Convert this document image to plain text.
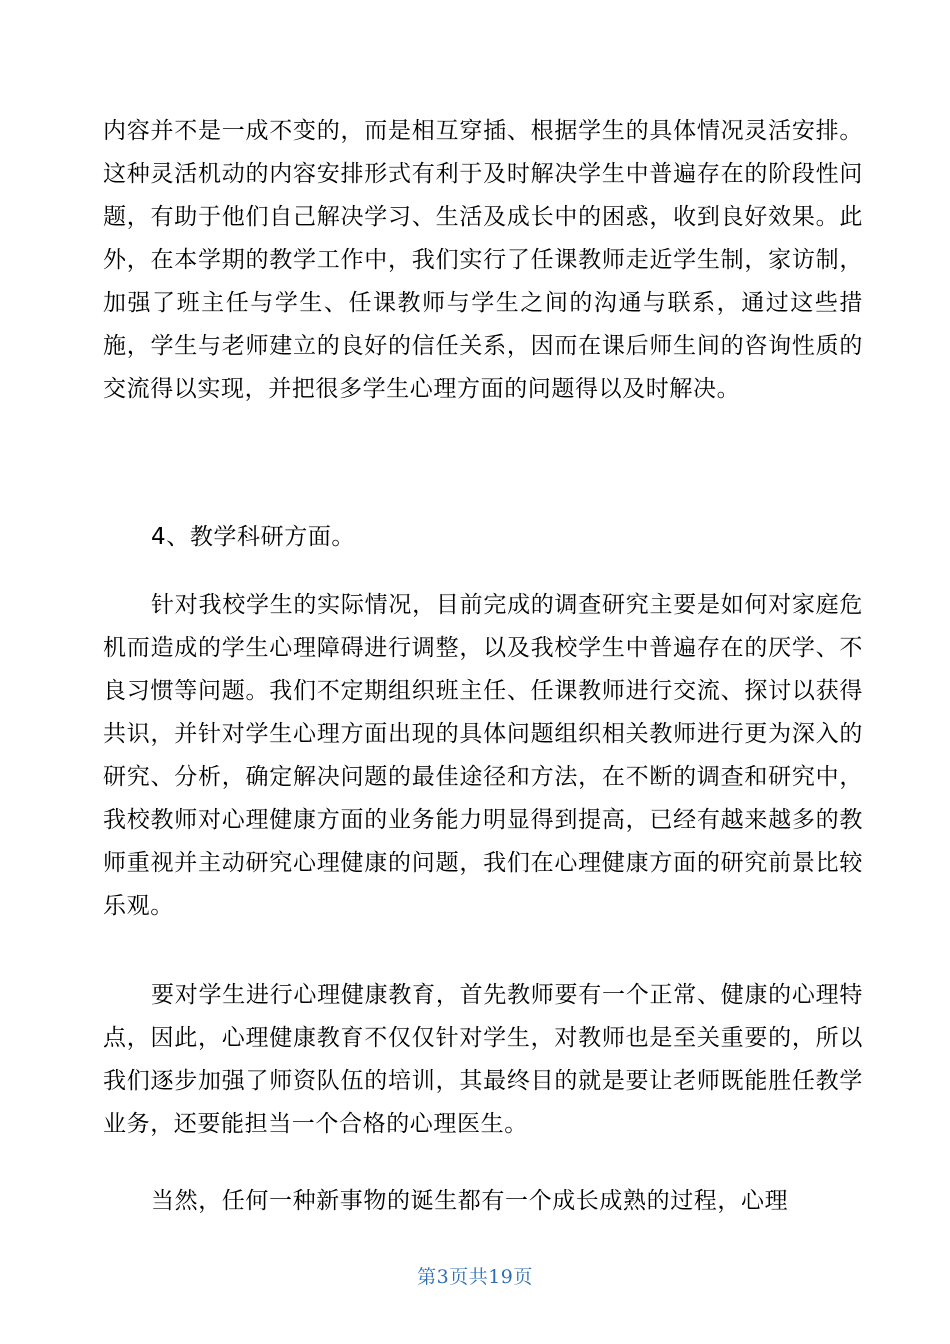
内容并不是一成不变的，而是相互穿插、根据学生的具体情况灵活安排。这种灵活机动的内容安排形式有利于及时解决学生中普遍存在的阶段性问题，有助于他们自己解决学习、生活及成长中的困惑，收到良好效果。此外，在本学期的教学工作中，我们实行了任课教师走近学生制，家访制，加强了班主任与学生、任课教师与学生之间的沟通与联系，通过这些措施，学生与老师建立的良好的信任关系，因而在课后师生间的咨询性质的交流得以实现，并把很多学生心理方面的问题得以及时解决。

4、教学科研方面。

针对我校学生的实际情况，目前完成的调查研究主要是如何对家庭危机而造成的学生心理障碍进行调整，以及我校学生中普遍存在的厌学、不良习惯等问题。我们不定期组织班主任、任课教师进行交流、探讨以获得共识，并针对学生心理方面出现的具体问题组织相关教师进行更为深入的研究、分析，确定解决问题的最佳途径和方法，在不断的调查和研究中，我校教师对心理健康方面的业务能力明显得到提高，已经有越来越多的教师重视并主动研究心理健康的问题，我们在心理健康方面的研究前景比较乐观。

要对学生进行心理健康教育，首先教师要有一个正常、健康的心理特点，因此，心理健康教育不仅仅针对学生，对教师也是至关重要的，所以我们逐步加强了师资队伍的培训，其最终目的就是要让老师既能胜任教学业务，还要能担当一个合格的心理医生。

当然，任何一种新事物的诞生都有一个成长成熟的过程，心理

第3页共19页
